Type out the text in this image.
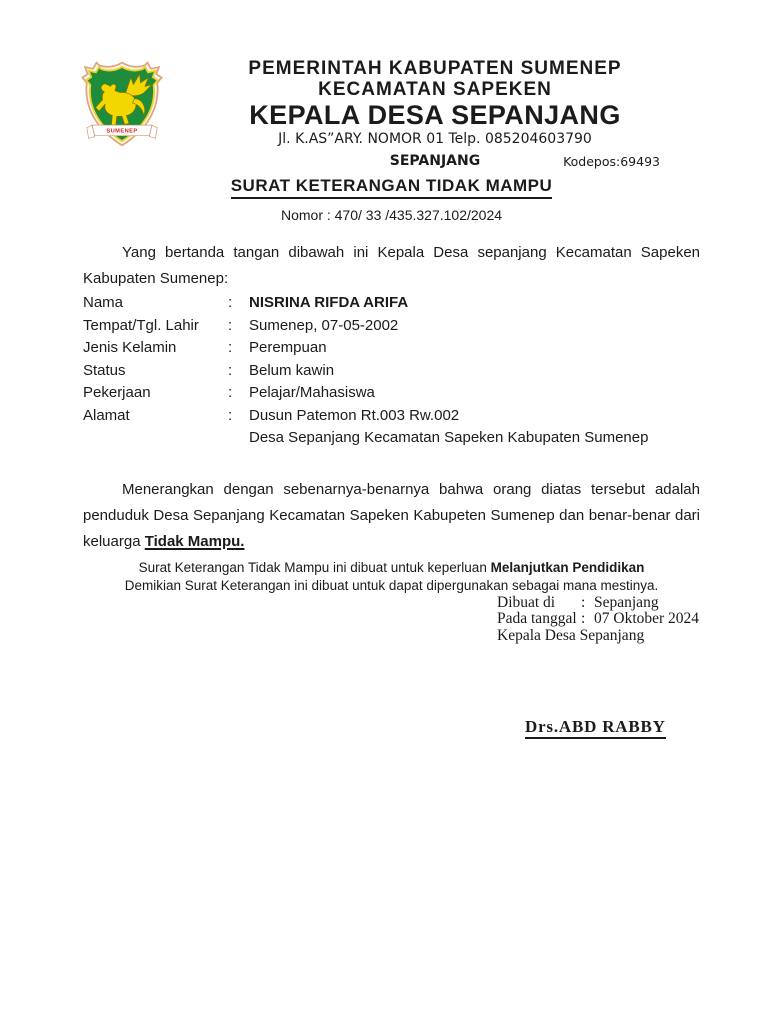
SUMENEP
PEMERINTAH KABUPATEN SUMENEP
KECAMATAN SAPEKEN
KEPALA DESA SEPANJANG
Jl. K.AS”ARY. NOMOR 01 Telp. 085204603790
SEPANJANG	Kodepos:69493
SURAT KETERANGAN TIDAK MAMPU
Nomor : 470/ 33 /435.327.102/2024

Yang bertanda tangan dibawah ini Kepala Desa sepanjang Kecamatan Sapeken Kabupaten Sumenep:

Nama	:	NISRINA RIFDA ARIFA
Tempat/Tgl. Lahir	:	Sumenep, 07-05-2002
Jenis Kelamin	:	Perempuan
Status	:	Belum kawin
Pekerjaan	:	Pelajar/Mahasiswa
Alamat	:	Dusun Patemon Rt.003 Rw.002
Desa Sepanjang Kecamatan Sapeken Kabupaten Sumenep

Menerangkan dengan sebenarnya-benarnya bahwa orang diatas tersebut adalah penduduk Desa Sepanjang Kecamatan Sapeken Kabupeten Sumenep dan benar-benar dari keluarga Tidak Mampu.

Surat Keterangan Tidak Mampu ini dibuat untuk keperluan Melanjutkan Pendidikan
Demikian Surat Keterangan ini dibuat untuk dapat dipergunakan sebagai mana mestinya.
Dibuat di	: Sepanjang
Pada tanggal : 07 Oktober 2024
Kepala Desa Sepanjang
Drs.ABD RABBY
